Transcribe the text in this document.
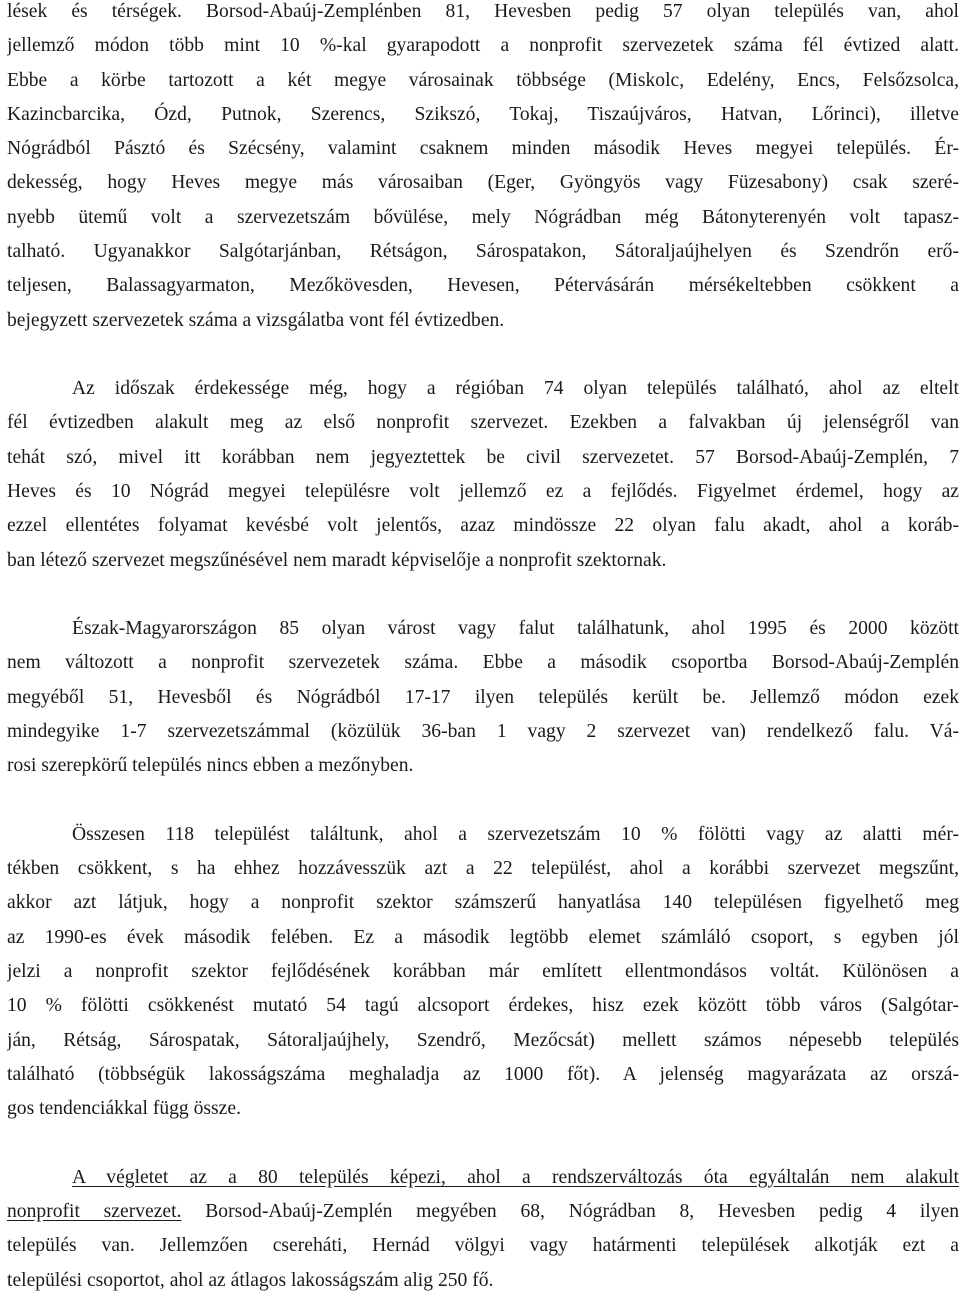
lések és térségek. Borsod-Abaúj-Zemplénben 81, Hevesben pedig 57 olyan település van, ahol
jellemző módon több mint 10 %-kal gyarapodott a nonprofit szervezetek száma fél évtized alatt.
Ebbe a körbe tartozott a két megye városainak többsége (Miskolc, Edelény, Encs, Felsőzsolca,
Kazincbarcika, Ózd, Putnok, Szerencs, Szikszó, Tokaj, Tiszaújváros, Hatvan, Lőrinci), illetve
Nógrádból Pásztó és Szécsény, valamint csaknem minden második Heves megyei település. Ér-
dekesség, hogy Heves megye más városaiban (Eger, Gyöngyös vagy Füzesabony) csak szeré-
nyebb ütemű volt a szervezetszám bővülése, mely Nógrádban még Bátonyterenyén volt tapasz-
talható. Ugyanakkor Salgótarjánban, Rétságon, Sárospatakon, Sátoraljaújhelyen és Szendrőn erő-
teljesen, Balassagyarmaton, Mezőkövesden, Hevesen, Pétervásárán mérsékeltebben csökkent a
bejegyzett szervezetek száma a vizsgálatba vont fél évtizedben.
Az időszak érdekessége még, hogy a régióban 74 olyan település található, ahol az eltelt
fél évtizedben alakult meg az első nonprofit szervezet. Ezekben a falvakban új jelenségről van
tehát szó, mivel itt korábban nem jegyeztettek be civil szervezetet. 57 Borsod-Abaúj-Zemplén, 7
Heves és 10 Nógrád megyei településre volt jellemző ez a fejlődés. Figyelmet érdemel, hogy az
ezzel ellentétes folyamat kevésbé volt jelentős, azaz mindössze 22 olyan falu akadt, ahol a koráb-
ban létező szervezet megszűnésével nem maradt képviselője a nonprofit szektornak.
Észak-Magyarországon 85 olyan várost vagy falut találhatunk, ahol 1995 és 2000 között
nem változott a nonprofit szervezetek száma. Ebbe a második csoportba Borsod-Abaúj-Zemplén
megyéből 51, Hevesből és Nógrádból 17-17 ilyen település került be. Jellemző módon ezek
mindegyike 1-7 szervezetszámmal (közülük 36-ban 1 vagy 2 szervezet van) rendelkező falu. Vá-
rosi szerepkörű település nincs ebben a mezőnyben.
Összesen 118 települést találtunk, ahol a szervezetszám 10 % fölötti vagy az alatti mér-
tékben csökkent, s ha ehhez hozzávesszük azt a 22 települést, ahol a korábbi szervezet megszűnt,
akkor azt látjuk, hogy a nonprofit szektor számszerű hanyatlása 140 településen figyelhető meg
az 1990-es évek második felében. Ez a második legtöbb elemet számláló csoport, s egyben jól
jelzi a nonprofit szektor fejlődésének korábban már említett ellentmondásos voltát. Különösen a
10 % fölötti csökkenést mutató 54 tagú alcsoport érdekes, hisz ezek között több város (Salgótar-
ján, Rétság, Sárospatak, Sátoraljaújhely, Szendrő, Mezőcsát) mellett számos népesebb település
található (többségük lakosságszáma meghaladja az 1000 főt). A jelenség magyarázata az orszá-
gos tendenciákkal függ össze.
A végletet az a 80 település képezi, ahol a rendszerváltozás óta egyáltalán nem alakult
nonprofit szervezet. Borsod-Abaúj-Zemplén megyében 68, Nógrádban 8, Hevesben pedig 4 ilyen
település van. Jellemzően csereháti, Hernád völgyi vagy határmenti települések alkotják ezt a
települési csoportot, ahol az átlagos lakosságszám alig 250 fő.
